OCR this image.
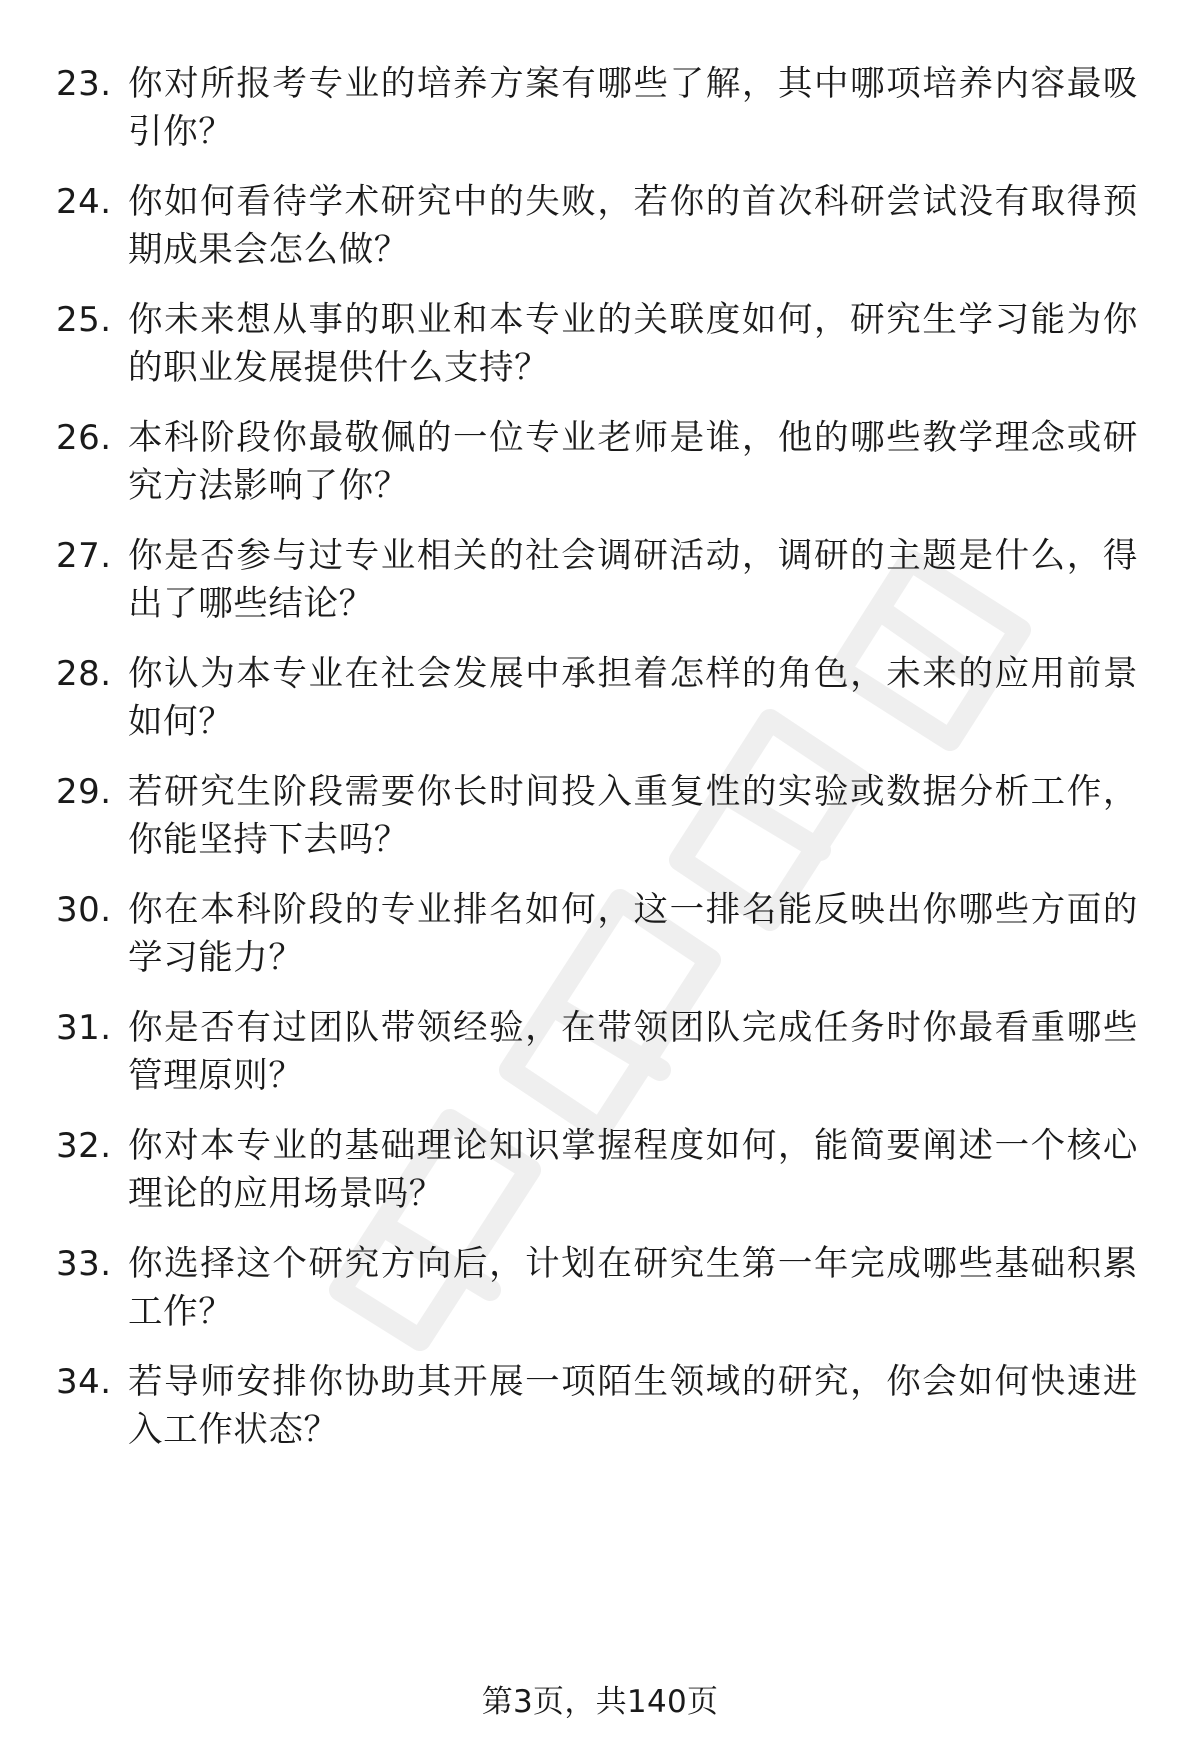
23. 你对所报考专业的培养方案有哪些了解，其中哪项培养内容最吸引你？
24. 你如何看待学术研究中的失败，若你的首次科研尝试没有取得预期成果会怎么做？
25. 你未来想从事的职业和本专业的关联度如何，研究生学习能为你的职业发展提供什么支持？
26. 本科阶段你最敬佩的一位专业老师是谁，他的哪些教学理念或研究方法影响了你？
27. 你是否参与过专业相关的社会调研活动，调研的主题是什么，得出了哪些结论？
28. 你认为本专业在社会发展中承担着怎样的角色，未来的应用前景如何？
29. 若研究生阶段需要你长时间投入重复性的实验或数据分析工作，你能坚持下去吗？
30. 你在本科阶段的专业排名如何，这一排名能反映出你哪些方面的学习能力？
31. 你是否有过团队带领经验，在带领团队完成任务时你最看重哪些管理原则？
32. 你对本专业的基础理论知识掌握程度如何，能简要阐述一个核心理论的应用场景吗？
33. 你选择这个研究方向后，计划在研究生第一年完成哪些基础积累工作？
34. 若导师安排你协助其开展一项陌生领域的研究，你会如何快速进入工作状态？
第3页，共140页
